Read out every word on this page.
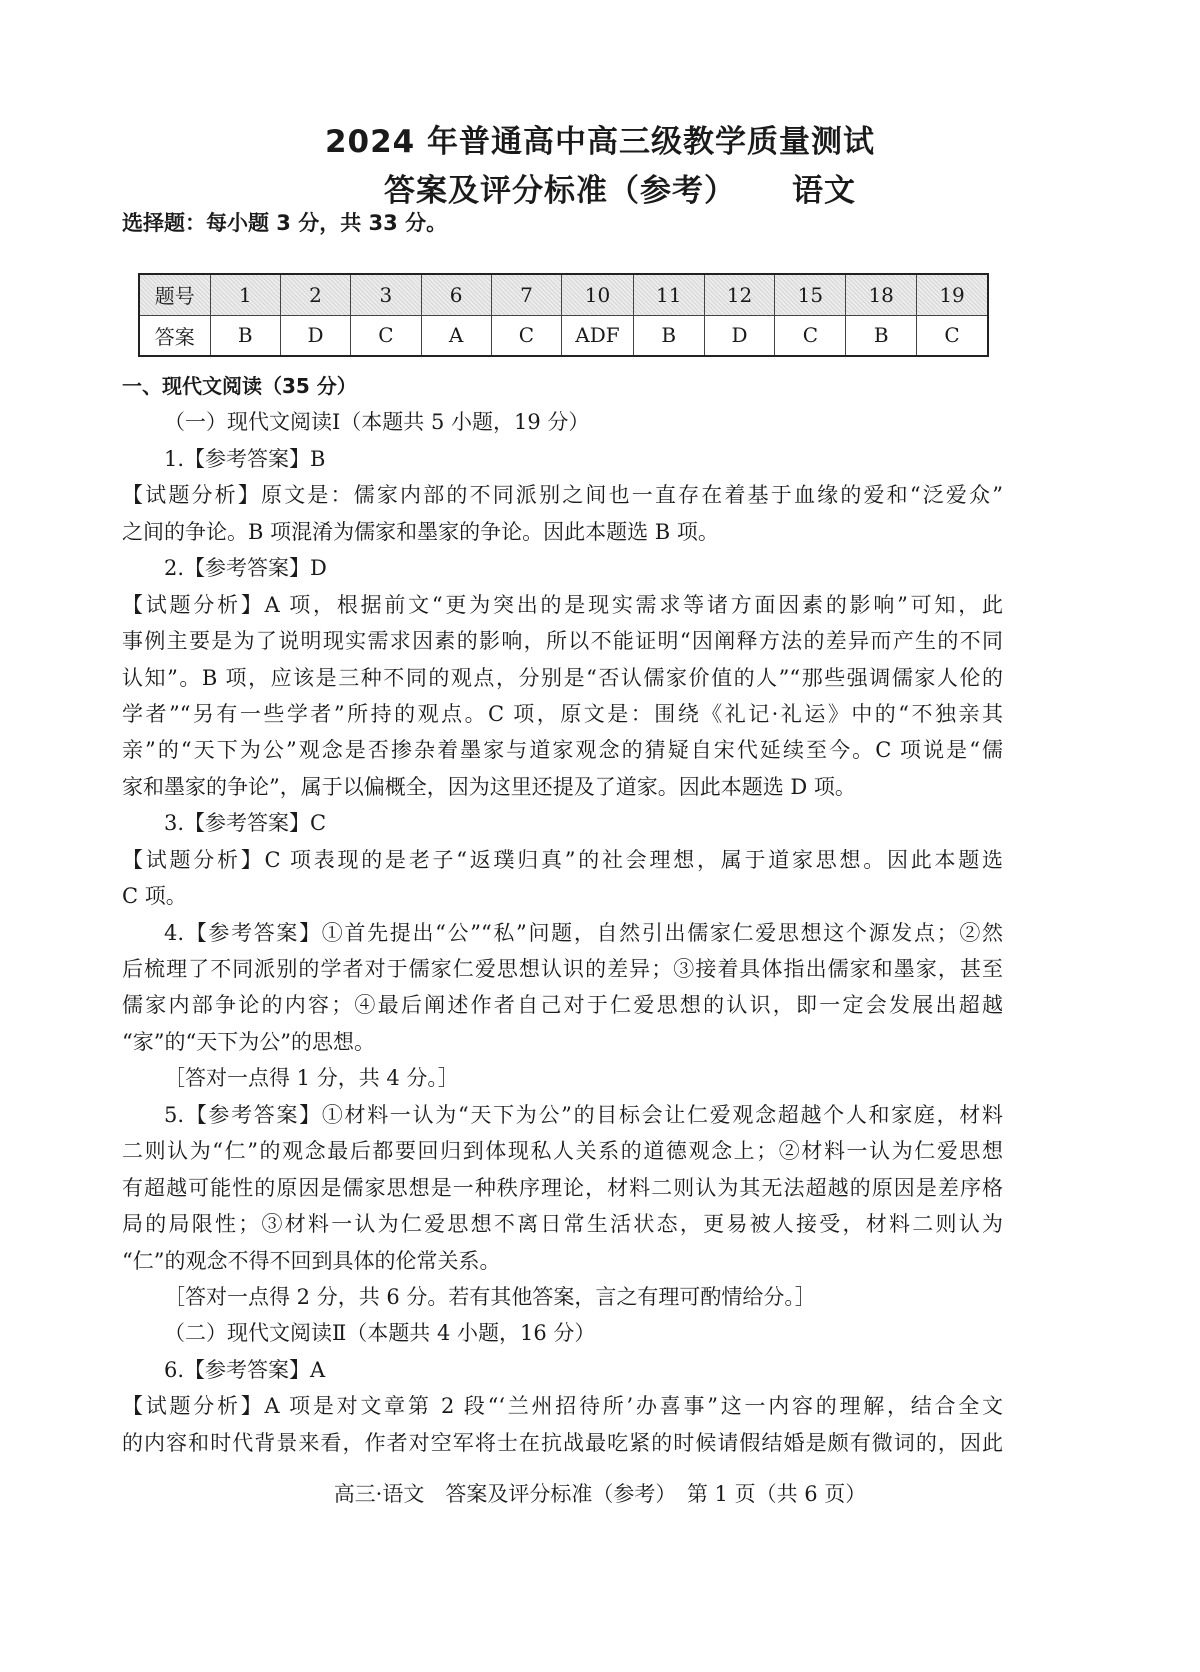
2024 年普通高中高三级教学质量测试
答案及评分标准（参考） 语文
选择题：每小题 3 分，共 33 分。
题号	1	2	3	6	7	10	11	12	15	18	19
答案	B	D	C	A	C	ADF	B	D	C	B	C
一、现代文阅读（35 分）
（一）现代文阅读Ⅰ（本题共 5 小题，19 分）
1.【参考答案】B
【试题分析】原文是：儒家内部的不同派别之间也一直存在着基于血缘的爱和“泛爱众”
之间的争论。B 项混淆为儒家和墨家的争论。因此本题选 B 项。
2.【参考答案】D
【试题分析】A 项，根据前文“更为突出的是现实需求等诸方面因素的影响”可知，此
事例主要是为了说明现实需求因素的影响，所以不能证明“因阐释方法的差异而产生的不同
认知”。B 项，应该是三种不同的观点，分别是“否认儒家价值的人”“那些强调儒家人伦的
学者”“另有一些学者”所持的观点。C 项，原文是：围绕《礼记·礼运》中的“不独亲其
亲”的“天下为公”观念是否掺杂着墨家与道家观念的猜疑自宋代延续至今。C 项说是“儒
家和墨家的争论”，属于以偏概全，因为这里还提及了道家。因此本题选 D 项。
3.【参考答案】C
【试题分析】C 项表现的是老子“返璞归真”的社会理想，属于道家思想。因此本题选
C 项。
4.【参考答案】①首先提出“公”“私”问题，自然引出儒家仁爱思想这个源发点；②然
后梳理了不同派别的学者对于儒家仁爱思想认识的差异；③接着具体指出儒家和墨家，甚至
儒家内部争论的内容；④最后阐述作者自己对于仁爱思想的认识，即一定会发展出超越
“家”的“天下为公”的思想。
［答对一点得 1 分，共 4 分。］
5.【参考答案】①材料一认为“天下为公”的目标会让仁爱观念超越个人和家庭，材料
二则认为“仁”的观念最后都要回归到体现私人关系的道德观念上；②材料一认为仁爱思想
有超越可能性的原因是儒家思想是一种秩序理论，材料二则认为其无法超越的原因是差序格
局的局限性；③材料一认为仁爱思想不离日常生活状态，更易被人接受，材料二则认为
“仁”的观念不得不回到具体的伦常关系。
［答对一点得 2 分，共 6 分。若有其他答案，言之有理可酌情给分。］
（二）现代文阅读Ⅱ（本题共 4 小题，16 分）
6.【参考答案】A
【试题分析】A 项是对文章第 2 段“‘兰州招待所’办喜事”这一内容的理解，结合全文
的内容和时代背景来看，作者对空军将士在抗战最吃紧的时候请假结婚是颇有微词的，因此
高三·语文　答案及评分标准（参考）　第 1 页（共 6 页）
